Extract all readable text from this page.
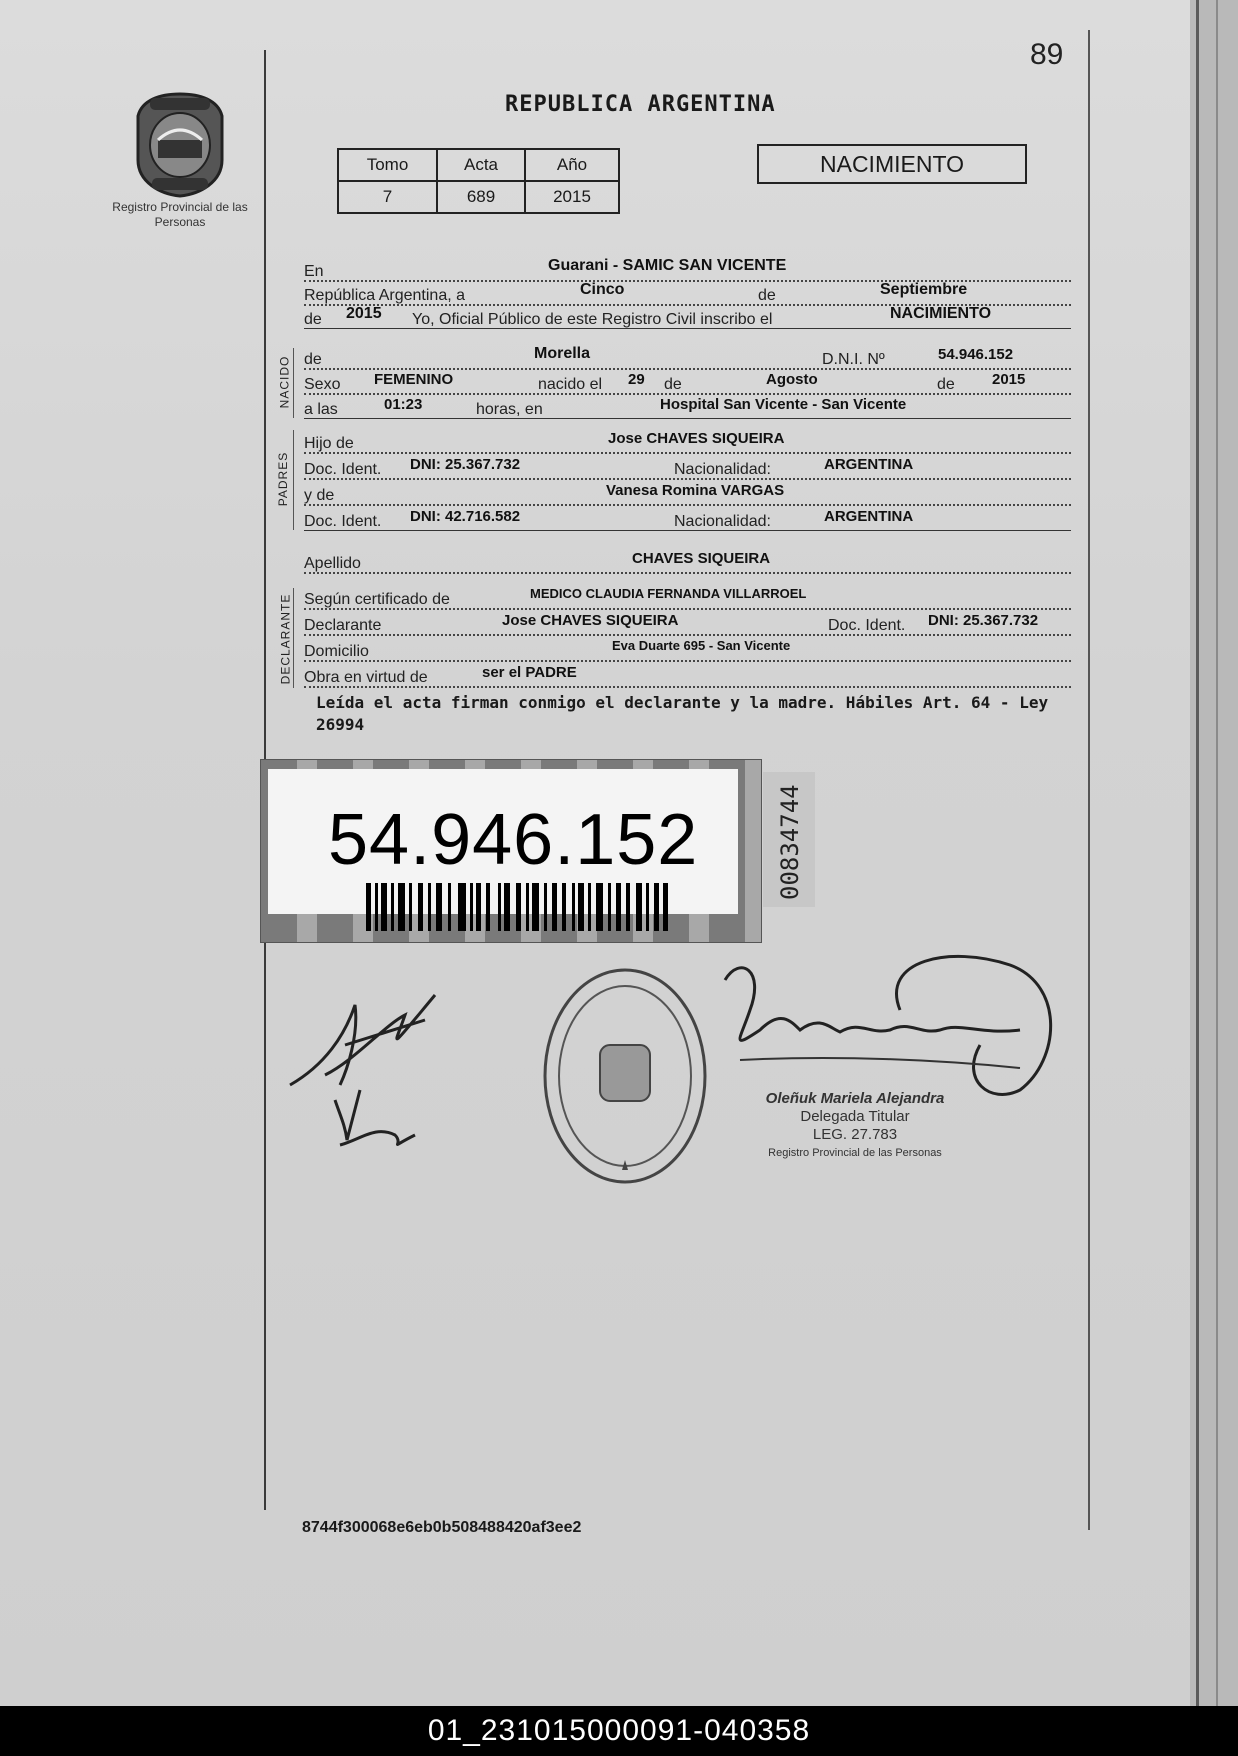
89
Registro Provincial de las Personas
REPUBLICA ARGENTINA
Tomo	Acta	Año
7	689	2015
NACIMIENTO
En	Guarani - SAMIC SAN VICENTE
República Argentina, a	Cinco	de	Septiembre
de 2015 Yo, Oficial Público de este Registro Civil inscribo el	NACIMIENTO
NACIDO de	Morella	D.N.I. Nº	54.946.152
Sexo FEMENINO	nacido el 29 de	Agosto	de 2015
a las	01:23	horas, en	Hospital San Vicente - San Vicente
PADRES
Hijo de	Jose CHAVES SIQUEIRA
Doc. Ident. DNI: 25.367.732	Nacionalidad:	ARGENTINA
y de	Vanesa Romina VARGAS
Doc. Ident. DNI: 42.716.582	Nacionalidad:	ARGENTINA
Apellido	CHAVES SIQUEIRA
DECLARANTE Según certificado de	MEDICO CLAUDIA FERNANDA VILLARROEL
Declarante	Jose CHAVES SIQUEIRA	Doc. Ident. DNI: 25.367.732
Domicilio	Eva Duarte 695 - San Vicente
Obra en virtud de	ser el PADRE
Leída el acta firman conmigo el declarante y la madre. Hábiles Art. 64 - Ley 26994
54.946.152	00834744
Oleñuk Mariela Alejandra
Delegada Titular
LEG. 27.783
Registro Provincial de las Personas
8744f300068e6eb0b508488420af3ee2
01_231015000091-040358
